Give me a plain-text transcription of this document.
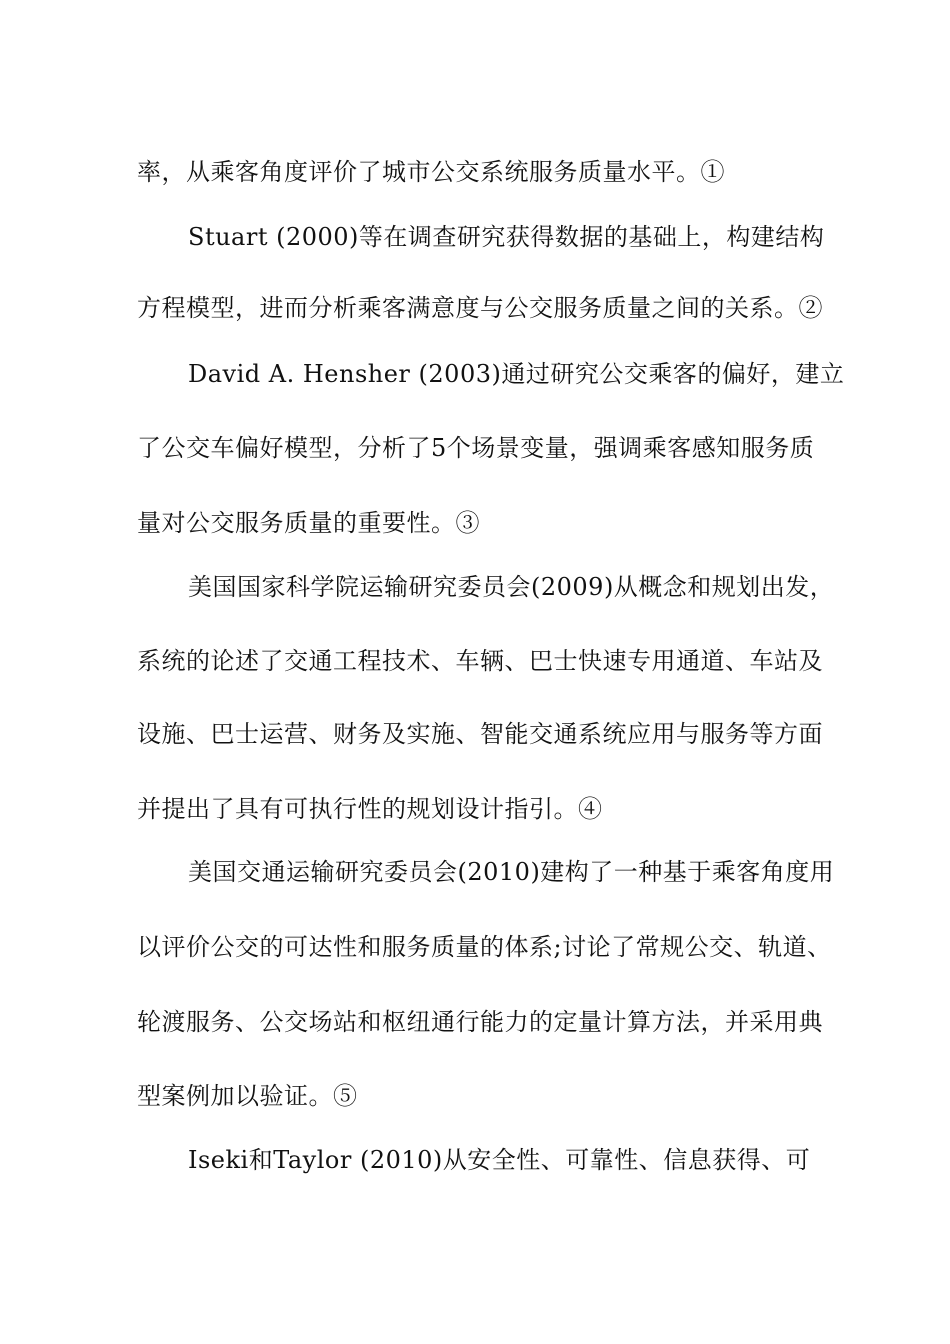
率，从乘客角度评价了城市公交系统服务质量水平。①
Stuart (2000)等在调查研究获得数据的基础上，构建结构
方程模型，进而分析乘客满意度与公交服务质量之间的关系。②
David A. Hensher (2003)通过研究公交乘客的偏好，建立
了公交车偏好模型，分析了5个场景变量，强调乘客感知服务质
量对公交服务质量的重要性。③
美国国家科学院运输研究委员会(2009)从概念和规划出发，
系统的论述了交通工程技术、车辆、巴士快速专用通道、车站及
设施、巴士运营、财务及实施、智能交通系统应用与服务等方面
并提出了具有可执行性的规划设计指引。④
美国交通运输研究委员会(2010)建构了一种基于乘客角度用
以评价公交的可达性和服务质量的体系;讨论了常规公交、轨道、
轮渡服务、公交场站和枢纽通行能力的定量计算方法，并采用典
型案例加以验证。⑤
Iseki和Taylor (2010)从安全性、可靠性、信息获得、可
